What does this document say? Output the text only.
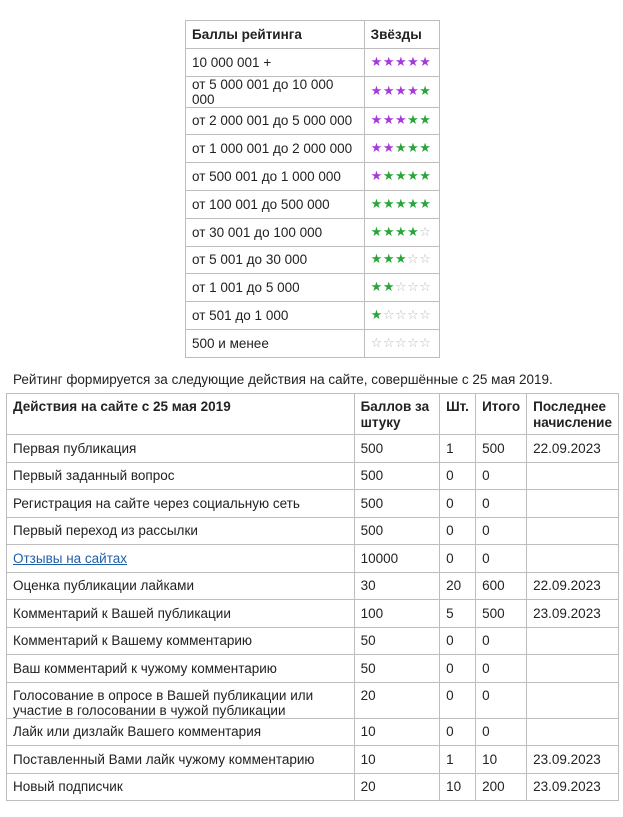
Баллы рейтинга	Звёзды
10 000 001 +	★★★★★
от 5 000 001 до 10 000 000	★★★★★
от 2 000 001 до 5 000 000	★★★★★
от 1 000 001 до 2 000 000	★★★★★
от 500 001 до 1 000 000	★★★★★
от 100 001 до 500 000	★★★★★
от 30 001 до 100 000	★★★★☆
от 5 001 до 30 000	★★★☆☆
от 1 001 до 5 000	★★☆☆☆
от 501 до 1 000	★☆☆☆☆
500 и менее	☆☆☆☆☆

Рейтинг формируется за следующие действия на сайте, совершённые с 25 мая 2019.

Действия на сайте с 25 мая 2019	Баллов за штуку	Шт.	Итого	Последнее начисление
Первая публикация	500	1	500	22.09.2023
Первый заданный вопрос	500	0	0	
Регистрация на сайте через социальную сеть	500	0	0	
Первый переход из рассылки	500	0	0	
Отзывы на сайтах	10000	0	0	
Оценка публикации лайками	30	20	600	22.09.2023
Комментарий к Вашей публикации	100	5	500	23.09.2023
Комментарий к Вашему комментарию	50	0	0	
Ваш комментарий к чужому комментарию	50	0	0	
Голосование в опросе в Вашей публикации или участие в голосовании в чужой публикации	20	0	0	
Лайк или дизлайк Вашего комментария	10	0	0	
Поставленный Вами лайк чужому комментарию	10	1	10	23.09.2023
Новый подписчик	20	10	200	23.09.2023
